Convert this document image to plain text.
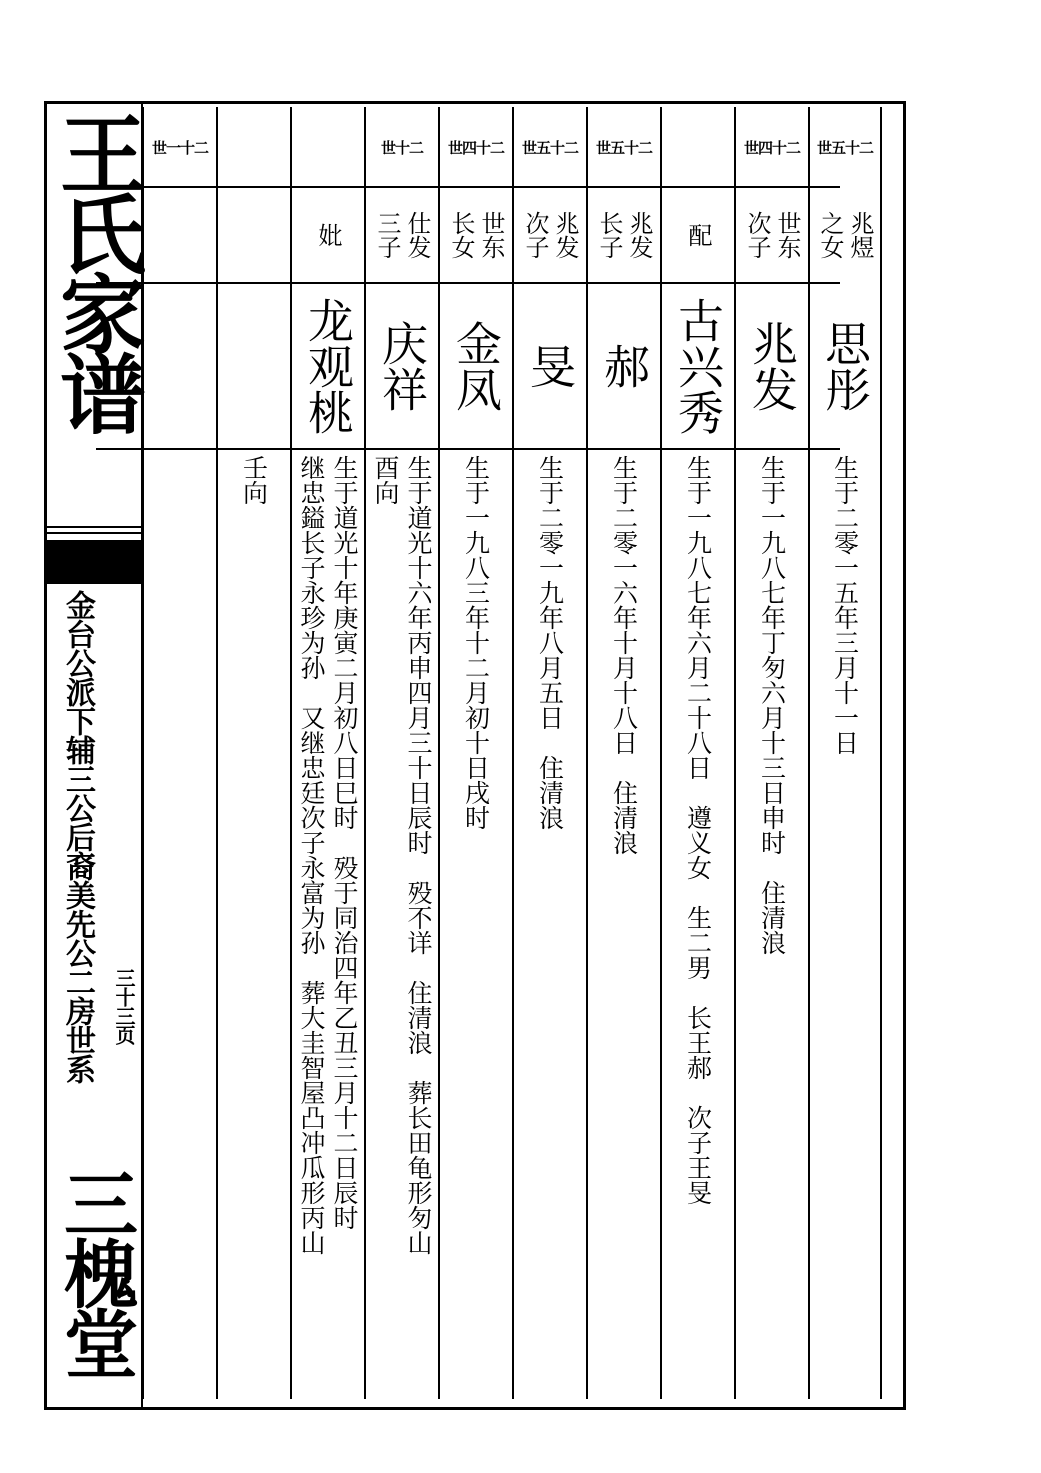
王氏家谱
金台公派下辅三公后裔美先公二房世系 三十三页
三槐堂
世五十二
兆煜
之女
思彤
生于二零一五年三月十一日
世四十二
世东
次子
兆发
生于一九八七年丁匇六月十三日申时　住清浪
配
古兴秀
生于一九八七年六月二十八日　遵义女　生二男　长王郝　次子王旻
世五十二
兆发
长子
郝
生于二零一六年十月十八日　住清浪
世五十二
兆发
次子
旻
生于二零一九年八月五日　住清浪
世四十二
世东
长女
金凤
生于一九八三年十二月初十日戌时
世十二
仕发
三子
庆祥
生于道光十六年丙申四月三十日辰时　殁不详　住清浪　葬长田龟形匇山
酉向
妣
龙观桃
生于道光十年庚寅二月初八日巳时　殁于同治四年乙丑三月十二日辰时
继忠鎰长子永珍为孙　又继忠廷次子永富为孙　葬大圭智屋凸冲瓜形丙山
壬向
世一十二
